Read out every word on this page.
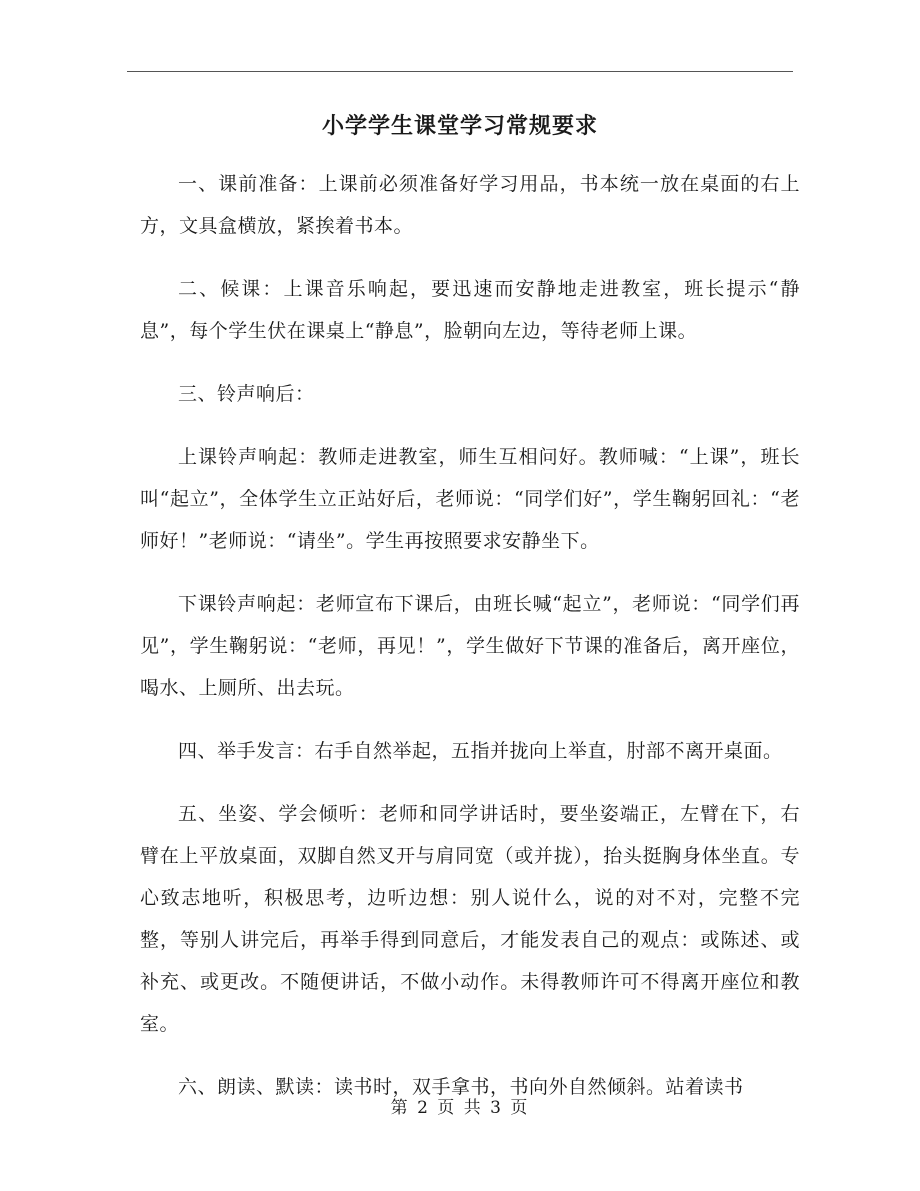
小学学生课堂学习常规要求

一、课前准备：上课前必须准备好学习用品，书本统一放在桌面的右上方，文具盒横放，紧挨着书本。

二、候课：上课音乐响起，要迅速而安静地走进教室，班长提示“静息”，每个学生伏在课桌上“静息”，脸朝向左边，等待老师上课。

三、铃声响后：

上课铃声响起：教师走进教室，师生互相问好。教师喊：“上课”，班长叫“起立”，全体学生立正站好后，老师说：“同学们好”，学生鞠躬回礼：“老师好！”老师说：“请坐”。学生再按照要求安静坐下。

下课铃声响起：老师宣布下课后，由班长喊“起立”，老师说：“同学们再见”，学生鞠躬说：“老师，再见！”，学生做好下节课的准备后，离开座位，喝水、上厕所、出去玩。

四、举手发言：右手自然举起，五指并拢向上举直，肘部不离开桌面。

五、坐姿、学会倾听：老师和同学讲话时，要坐姿端正，左臂在下，右臂在上平放桌面，双脚自然叉开与肩同宽（或并拢），抬头挺胸身体坐直。专心致志地听，积极思考，边听边想：别人说什么，说的对不对，完整不完整，等别人讲完后，再举手得到同意后，才能发表自己的观点：或陈述、或补充、或更改。不随便讲话，不做小动作。未得教师许可不得离开座位和教室。

六、朗读、默读：读书时，双手拿书，书向外自然倾斜。站着读书

第 2 页 共 3 页
